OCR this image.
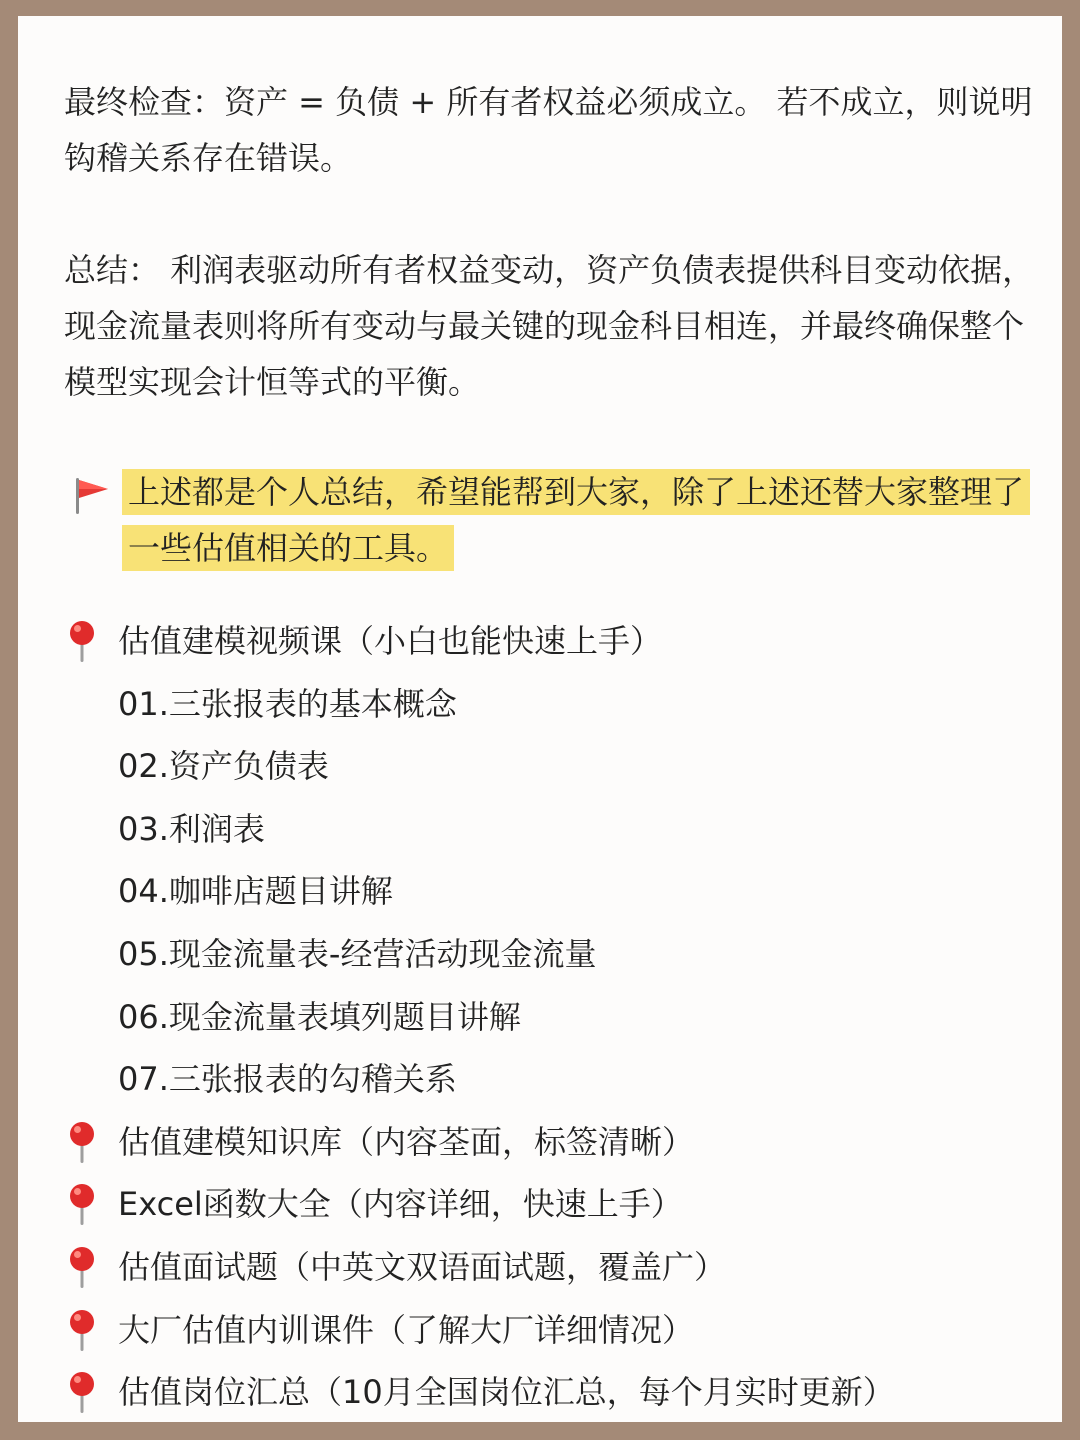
最终检查：资产 = 负债 + 所有者权益必须成立。 若不成立，则说明钩稽关系存在错误。

总结： 利润表驱动所有者权益变动，资产负债表提供科目变动依据，现金流量表则将所有变动与最关键的现金科目相连，并最终确保整个模型实现会计恒等式的平衡。

上述都是个人总结，希望能帮到大家，除了上述还替大家整理了一些估值相关的工具。

估值建模视频课（小白也能快速上手）
01.三张报表的基本概念
02.资产负债表
03.利润表
04.咖啡店题目讲解
05.现金流量表-经营活动现金流量
06.现金流量表填列题目讲解
07.三张报表的勾稽关系
估值建模知识库（内容荃面，标签清晰）
Excel函数大全（内容详细，快速上手）
估值面试题（中英文双语面试题，覆盖广）
大厂估值内训课件（了解大厂详细情况）
估值岗位汇总（10月全国岗位汇总，每个月实时更新）
